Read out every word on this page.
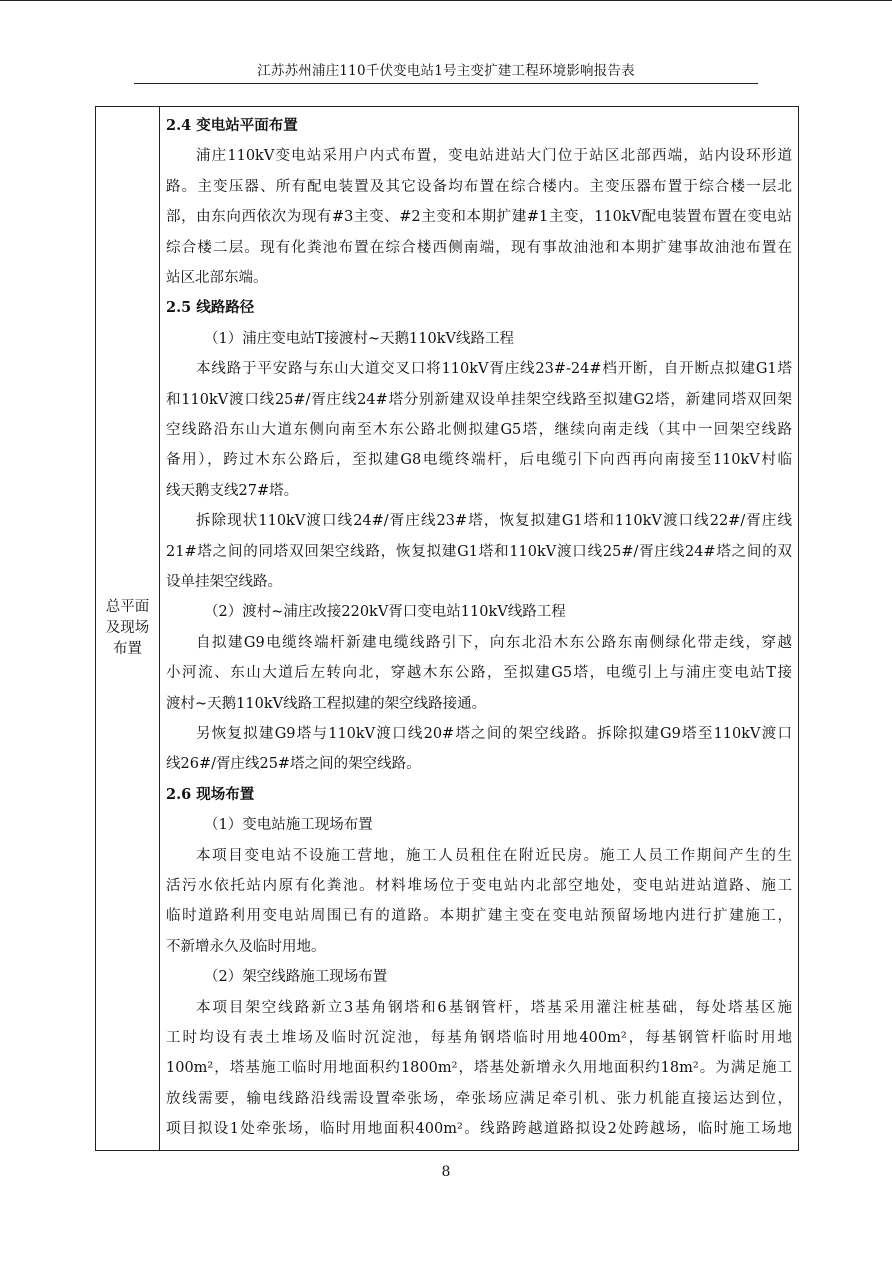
江苏苏州浦庄110千伏变电站1号主变扩建工程环境影响报告表
总平面及现场布置
2.4 变电站平面布置
浦庄110kV变电站采用户内式布置，变电站进站大门位于站区北部西端，站内设环形道
路。主变压器、所有配电装置及其它设备均布置在综合楼内。主变压器布置于综合楼一层北
部，由东向西依次为现有#3主变、#2主变和本期扩建#1主变，110kV配电装置布置在变电站
综合楼二层。现有化粪池布置在综合楼西侧南端，现有事故油池和本期扩建事故油池布置在
站区北部东端。
2.5 线路路径
（1）浦庄变电站T接渡村~天鹅110kV线路工程
本线路于平安路与东山大道交叉口将110kV胥庄线23#-24#档开断，自开断点拟建G1塔
和110kV渡口线25#/胥庄线24#塔分别新建双设单挂架空线路至拟建G2塔，新建同塔双回架
空线路沿东山大道东侧向南至木东公路北侧拟建G5塔，继续向南走线（其中一回架空线路
备用），跨过木东公路后，至拟建G8电缆终端杆，后电缆引下向西再向南接至110kV村临
线天鹅支线27#塔。
拆除现状110kV渡口线24#/胥庄线23#塔，恢复拟建G1塔和110kV渡口线22#/胥庄线
21#塔之间的同塔双回架空线路，恢复拟建G1塔和110kV渡口线25#/胥庄线24#塔之间的双
设单挂架空线路。
（2）渡村~浦庄改接220kV胥口变电站110kV线路工程
自拟建G9电缆终端杆新建电缆线路引下，向东北沿木东公路东南侧绿化带走线，穿越
小河流、东山大道后左转向北，穿越木东公路，至拟建G5塔，电缆引上与浦庄变电站T接
渡村~天鹅110kV线路工程拟建的架空线路接通。
另恢复拟建G9塔与110kV渡口线20#塔之间的架空线路。拆除拟建G9塔至110kV渡口
线26#/胥庄线25#塔之间的架空线路。
2.6 现场布置
（1）变电站施工现场布置
本项目变电站不设施工营地，施工人员租住在附近民房。施工人员工作期间产生的生
活污水依托站内原有化粪池。材料堆场位于变电站内北部空地处，变电站进站道路、施工
临时道路利用变电站周围已有的道路。本期扩建主变在变电站预留场地内进行扩建施工，
不新增永久及临时用地。
（2）架空线路施工现场布置
本项目架空线路新立3基角钢塔和6基钢管杆，塔基采用灌注桩基础，每处塔基区施
工时均设有表土堆场及临时沉淀池，每基角钢塔临时用地400m²，每基钢管杆临时用地
100m²，塔基施工临时用地面积约1800m²，塔基处新增永久用地面积约18m²。为满足施工
放线需要，输电线路沿线需设置牵张场，牵张场应满足牵引机、张力机能直接运达到位，
项目拟设1处牵张场，临时用地面积400m²。线路跨越道路拟设2处跨越场，临时施工场地
8
